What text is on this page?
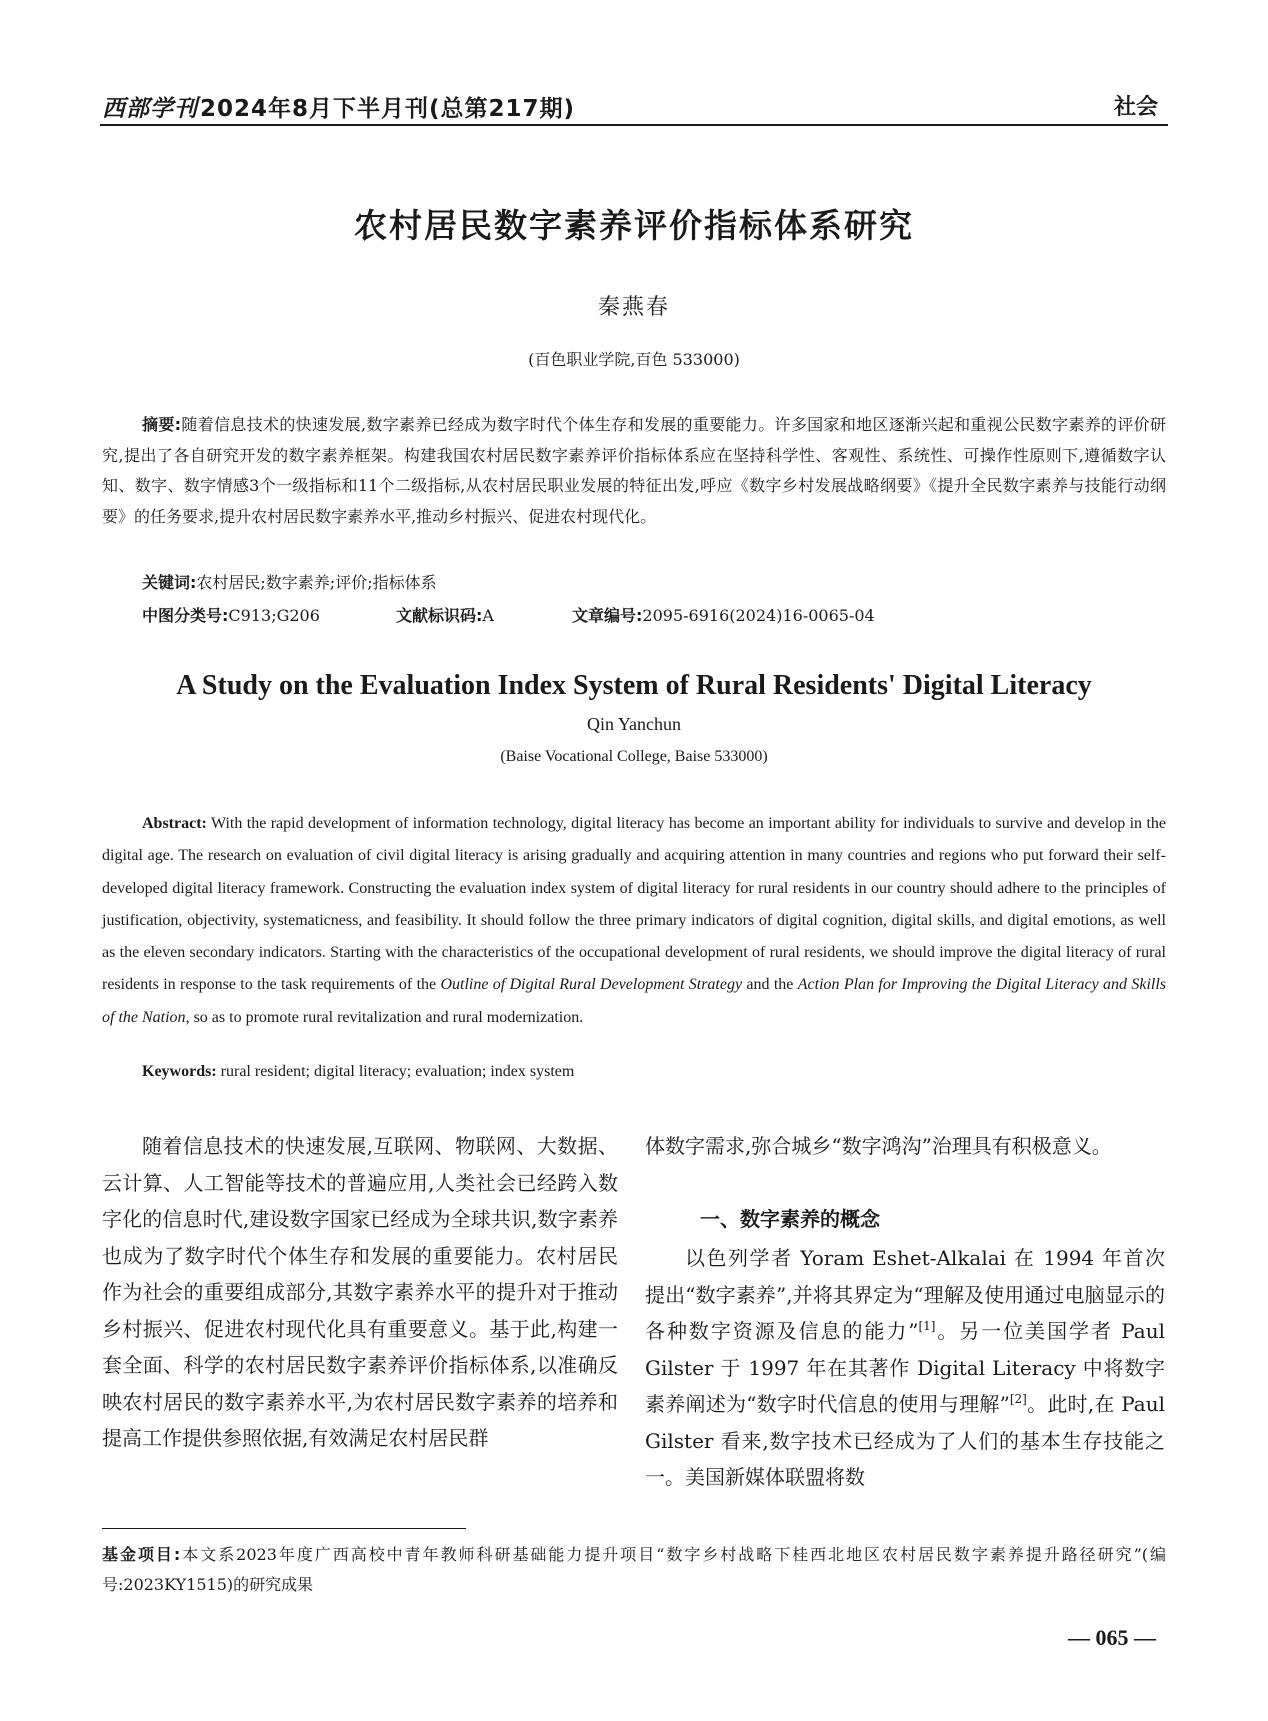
西部学刊2024年8月下半月刊(总第217期)	社会
农村居民数字素养评价指标体系研究
秦燕春
(百色职业学院,百色 533000)
摘要:随着信息技术的快速发展,数字素养已经成为数字时代个体生存和发展的重要能力。许多国家和地区逐渐兴起和重视公民数字素养的评价研究,提出了各自研究开发的数字素养框架。构建我国农村居民数字素养评价指标体系应在坚持科学性、客观性、系统性、可操作性原则下,遵循数字认知、数字、数字情感3个一级指标和11个二级指标,从农村居民职业发展的特征出发,呼应《数字乡村发展战略纲要》《提升全民数字素养与技能行动纲要》的任务要求,提升农村居民数字素养水平,推动乡村振兴、促进农村现代化。
关键词:农村居民;数字素养;评价;指标体系
中图分类号:C913;G206	文献标识码:A	文章编号:2095-6916(2024)16-0065-04
A Study on the Evaluation Index System of Rural Residents' Digital Literacy
Qin Yanchun
(Baise Vocational College, Baise 533000)
Abstract: With the rapid development of information technology, digital literacy has become an important ability for individuals to survive and develop in the digital age. The research on evaluation of civil digital literacy is arising gradually and acquiring attention in many countries and regions who put forward their self-developed digital literacy framework. Constructing the evaluation index system of digital literacy for rural residents in our country should adhere to the principles of justification, objectivity, systematicness, and feasibility. It should follow the three primary indicators of digital cognition, digital skills, and digital emotions, as well as the eleven secondary indicators. Starting with the characteristics of the occupational development of rural residents, we should improve the digital literacy of rural residents in response to the task requirements of the Outline of Digital Rural Development Strategy and the Action Plan for Improving the Digital Literacy and Skills of the Nation, so as to promote rural revitalization and rural modernization.
Keywords: rural resident; digital literacy; evaluation; index system
随着信息技术的快速发展,互联网、物联网、大数据、云计算、人工智能等技术的普遍应用,人类社会已经跨入数字化的信息时代,建设数字国家已经成为全球共识,数字素养也成为了数字时代个体生存和发展的重要能力。农村居民作为社会的重要组成部分,其数字素养水平的提升对于推动乡村振兴、促进农村现代化具有重要意义。基于此,构建一套全面、科学的农村居民数字素养评价指标体系,以准确反映农村居民的数字素养水平,为农村居民数字素养的培养和提高工作提供参照依据,有效满足农村居民群
体数字需求,弥合城乡“数字鸿沟”治理具有积极意义。
一、数字素养的概念
以色列学者 Yoram Eshet-Alkalai 在 1994 年首次提出“数字素养”,并将其界定为“理解及使用通过电脑显示的各种数字资源及信息的能力”[1]。另一位美国学者 Paul Gilster 于 1997 年在其著作 Digital Literacy 中将数字素养阐述为“数字时代信息的使用与理解”[2]。此时,在 Paul Gilster 看来,数字技术已经成为了人们的基本生存技能之一。美国新媒体联盟将数
基金项目:本文系2023年度广西高校中青年教师科研基础能力提升项目“数字乡村战略下桂西北地区农村居民数字素养提升路径研究”(编号:2023KY1515)的研究成果
— 065 —
